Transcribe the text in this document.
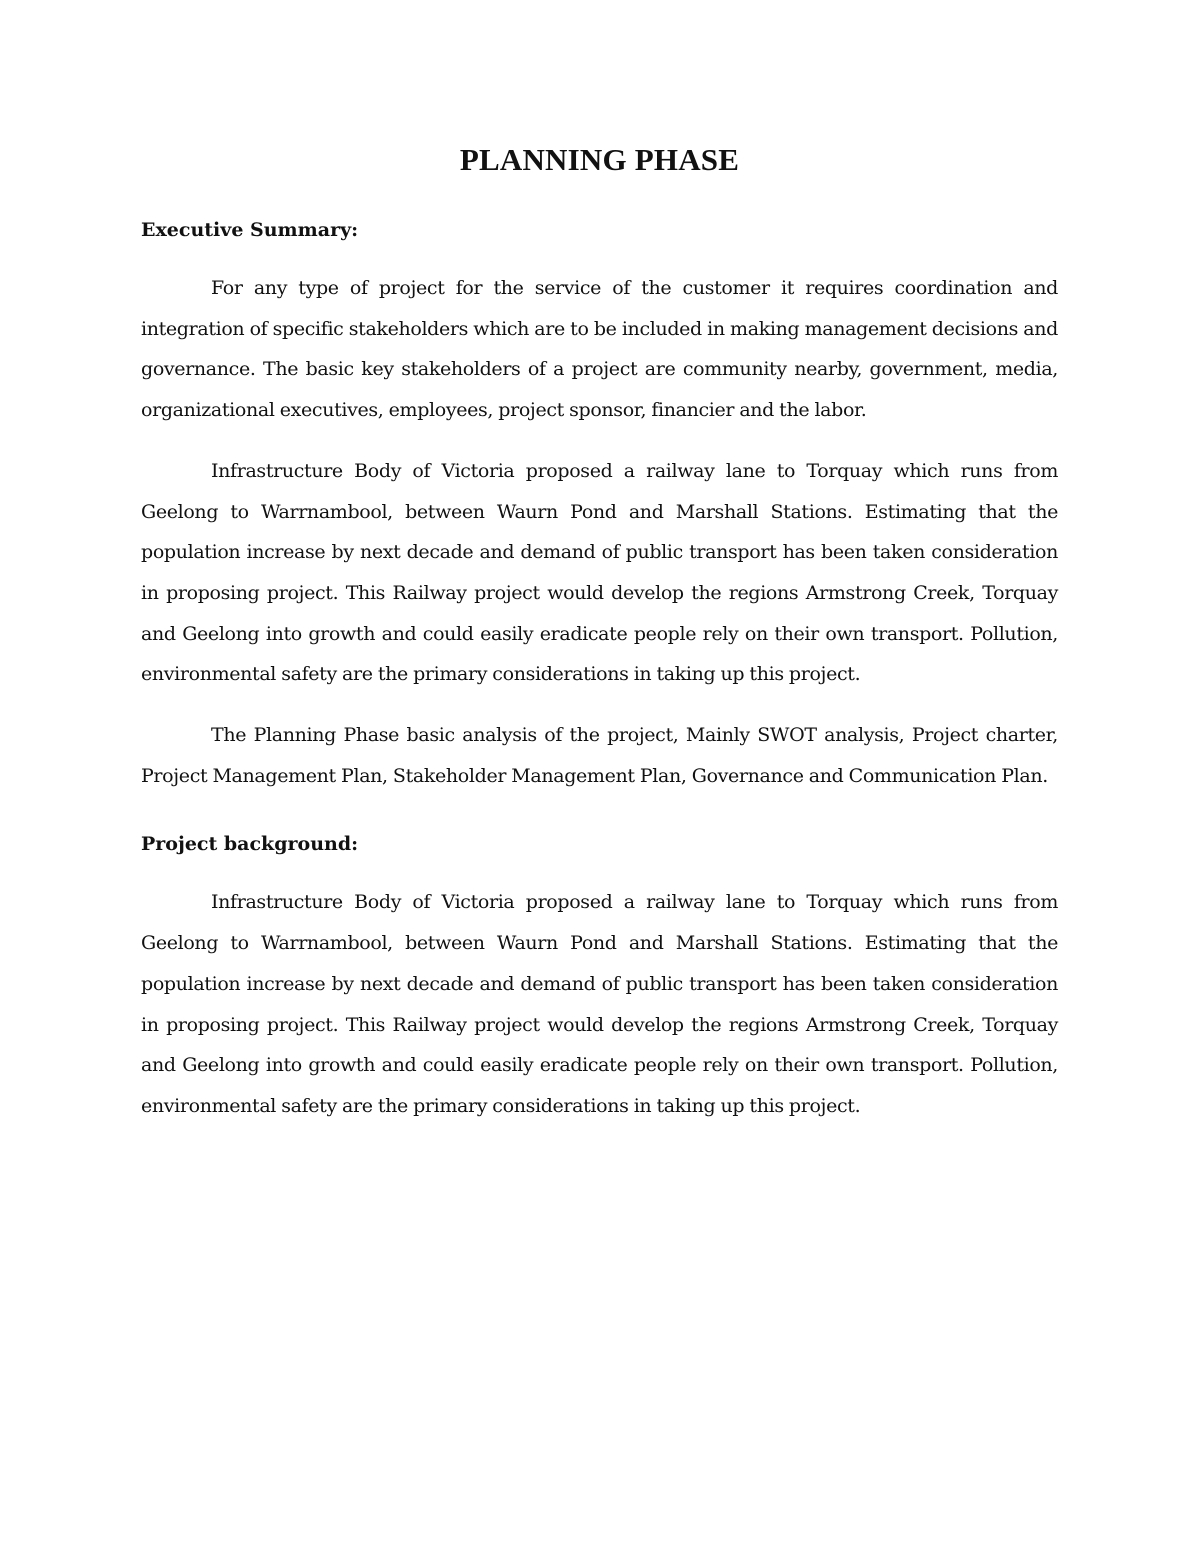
PLANNING PHASE
Executive Summary:

For any type of project for the service of the customer it requires coordination and integration of specific stakeholders which are to be included in making management decisions and governance. The basic key stakeholders of a project are community nearby, government, media, organizational executives, employees, project sponsor, financier and the labor.

Infrastructure Body of Victoria proposed a railway lane to Torquay which runs from Geelong to Warrnambool, between Waurn Pond and Marshall Stations. Estimating that the population increase by next decade and demand of public transport has been taken consideration in proposing project. This Railway project would develop the regions Armstrong Creek, Torquay and Geelong into growth and could easily eradicate people rely on their own transport. Pollution, environmental safety are the primary considerations in taking up this project.

The Planning Phase basic analysis of the project, Mainly SWOT analysis, Project charter, Project Management Plan, Stakeholder Management Plan, Governance and Communication Plan.

Project background:

Infrastructure Body of Victoria proposed a railway lane to Torquay which runs from Geelong to Warrnambool, between Waurn Pond and Marshall Stations. Estimating that the population increase by next decade and demand of public transport has been taken consideration in proposing project. This Railway project would develop the regions Armstrong Creek, Torquay and Geelong into growth and could easily eradicate people rely on their own transport. Pollution, environmental safety are the primary considerations in taking up this project.
